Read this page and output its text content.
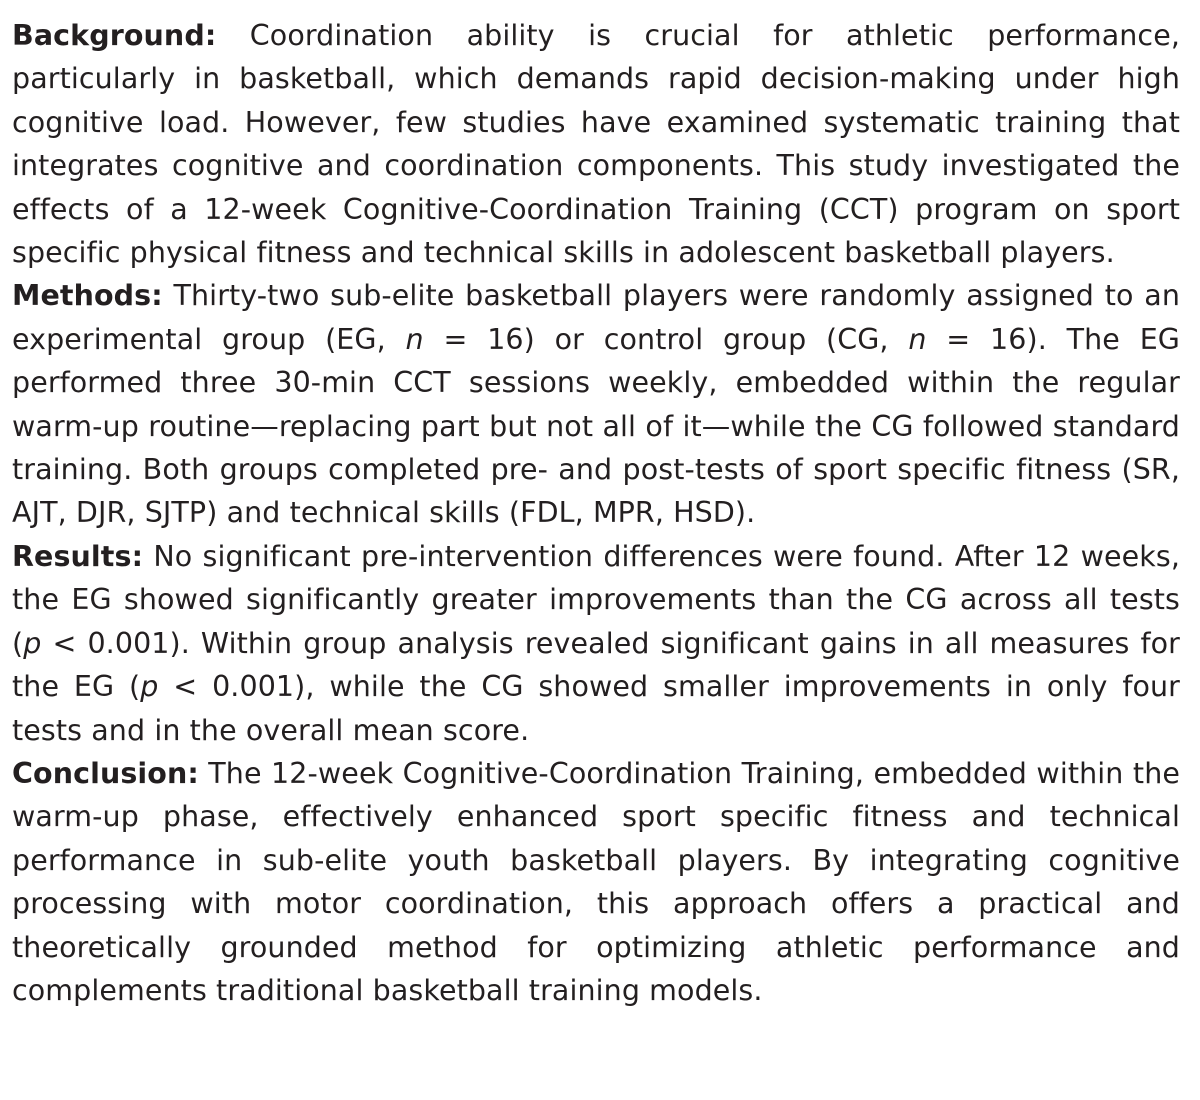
Background: Coordination ability is crucial for athletic performance, particularly in basketball, which demands rapid decision-making under high cognitive load. However, few studies have examined systematic training that integrates cognitive and coordination components. This study investigated the effects of a 12-week Cognitive-Coordination Training (CCT) program on sport specific physical fitness and technical skills in adolescent basketball players.

Methods: Thirty-two sub-elite basketball players were randomly assigned to an experimental group (EG, n = 16) or control group (CG, n = 16). The EG performed three 30-min CCT sessions weekly, embedded within the regular warm-up routine—replacing part but not all of it—while the CG followed standard training. Both groups completed pre- and post-tests of sport specific fitness (SR, AJT, DJR, SJTP) and technical skills (FDL, MPR, HSD).

Results: No significant pre-intervention differences were found. After 12 weeks, the EG showed significantly greater improvements than the CG across all tests (p < 0.001). Within group analysis revealed significant gains in all measures for the EG (p < 0.001), while the CG showed smaller improvements in only four tests and in the overall mean score.

Conclusion: The 12-week Cognitive-Coordination Training, embedded within the warm-up phase, effectively enhanced sport specific fitness and technical performance in sub-elite youth basketball players. By integrating cognitive processing with motor coordination, this approach offers a practical and theoretically grounded method for optimizing athletic performance and complements traditional basketball training models.
